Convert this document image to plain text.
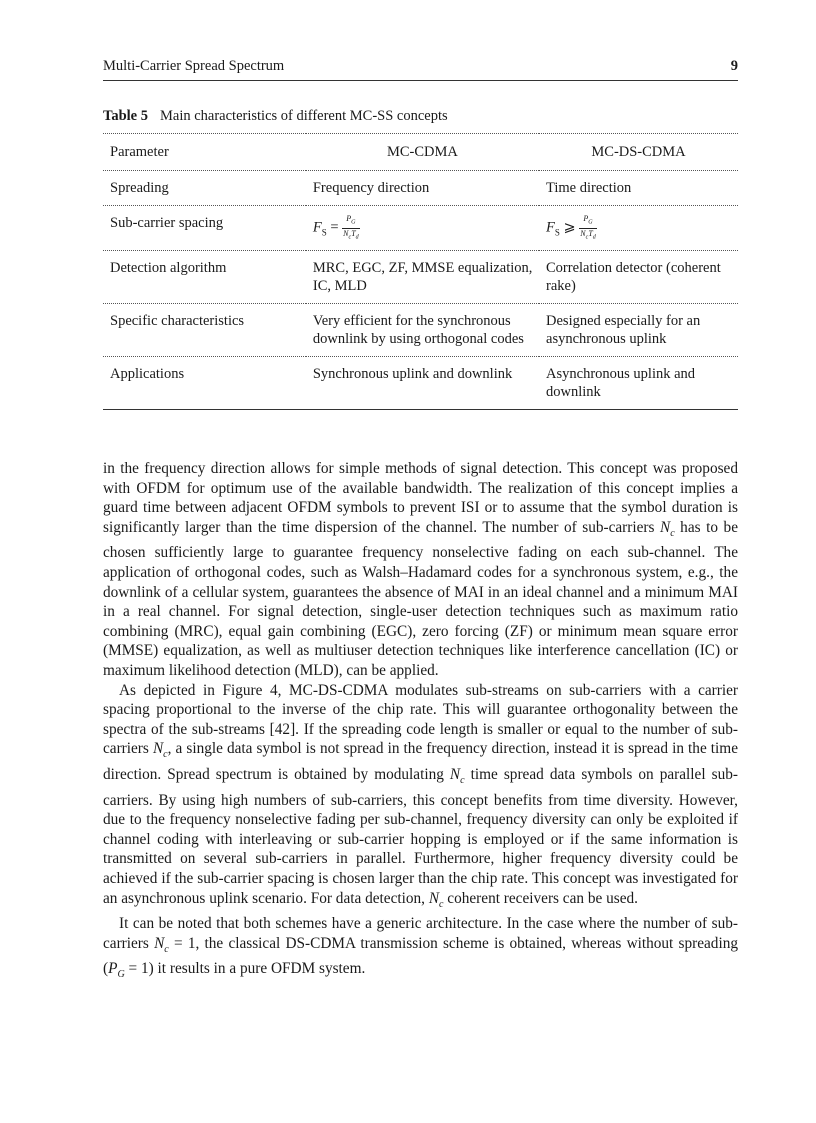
Multi-Carrier Spread Spectrum	9
Table 5 Main characteristics of different MC-SS concepts
Parameter	MC-CDMA	MC-DS-CDMA
Spreading	Frequency direction	Time direction
Sub-carrier spacing	$F_S = \frac{P_G}{N_cT_d}$	$F_S$ ⩾ $\frac{P_G}{N_cT_d}$

Detection algorithm	MRC, EGC, ZF, MMSE equalization, IC, MLD	Correlation detector (coherent rake)
Specific characteristics	Very efficient for the synchronous downlink by using orthogonal codes	Designed especially for an asynchronous uplink
Applications	Synchronous uplink and downlink	Asynchronous uplink and downlink

in the frequency direction allows for simple methods of signal detection. This concept was proposed with OFDM for optimum use of the available bandwidth. The realization of this concept implies a guard time between adjacent OFDM symbols to prevent ISI or to assume that the symbol duration is significantly larger than the time dispersion of the channel. The number of sub-carriers $N_c$ has to be chosen sufficiently large to guarantee frequency nonselective fading on each sub-channel. The application of orthogonal codes, such as Walsh–Hadamard codes for a synchronous system, e.g., the downlink of a cellular system, guarantees the absence of MAI in an ideal channel and a minimum MAI in a real channel. For signal detection, single-user detection techniques such as maximum ratio combining (MRC), equal gain combining (EGC), zero forcing (ZF) or minimum mean square error (MMSE) equalization, as well as multiuser detection techniques like interference cancellation (IC) or maximum likelihood detection (MLD), can be applied.

As depicted in Figure 4, MC-DS-CDMA modulates sub-streams on sub-carriers with a carrier spacing proportional to the inverse of the chip rate. This will guarantee orthogonality between the spectra of the sub-streams [42]. If the spreading code length is smaller or equal to the number of sub-carriers $N_c$, a single data symbol is not spread in the frequency direction, instead it is spread in the time direction. Spread spectrum is obtained by modulating $N_c$ time spread data symbols on parallel sub-carriers. By using high numbers of sub-carriers, this concept benefits from time diversity. However, due to the frequency nonselective fading per sub-channel, frequency diversity can only be exploited if channel coding with interleaving or sub-carrier hopping is employed or if the same information is transmitted on several sub-carriers in parallel. Furthermore, higher frequency diversity could be achieved if the sub-carrier spacing is chosen larger than the chip rate. This concept was investigated for an asynchronous uplink scenario. For data detection, $N_c$ coherent receivers can be used.

It can be noted that both schemes have a generic architecture. In the case where the number of sub-carriers $N_c = 1$, the classical DS-CDMA transmission scheme is obtained, whereas without spreading $(P_G = 1)$ it results in a pure OFDM system.
